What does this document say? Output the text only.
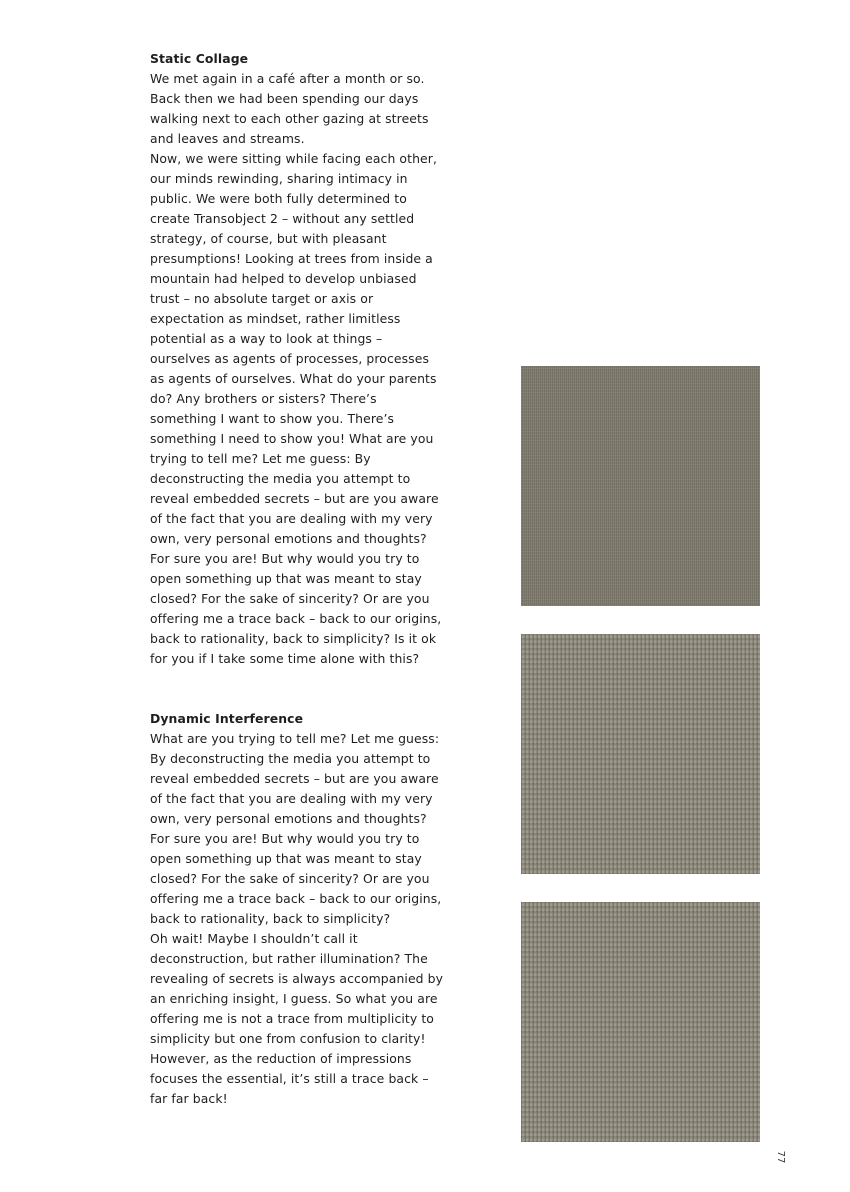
Static Collage

We met again in a café after a month or so. Back then we had been spending our days walking next to each other gazing at streets and leaves and streams.

Now, we were sitting while facing each other, our minds rewinding, sharing intimacy in public. We were both fully determined to create Transobject 2 – without any settled strategy, of course, but with pleasant presumptions! Looking at trees from inside a mountain had helped to develop unbiased trust – no absolute target or axis or expectation as mindset, rather limitless potential as a way to look at things – ourselves as agents of processes, processes as agents of ourselves. What do your parents do? Any brothers or sisters? There’s something I want to show you. There’s something I need to show you! What are you trying to tell me? Let me guess: By deconstructing the media you attempt to reveal embedded secrets – but are you aware of the fact that you are dealing with my very own, very personal emotions and thoughts? For sure you are! But why would you try to open something up that was meant to stay closed? For the sake of sincerity? Or are you offering me a trace back – back to our origins, back to rationality, back to simplicity? Is it ok for you if I take some time alone with this?

Dynamic Interference

What are you trying to tell me? Let me guess: By deconstructing the media you attempt to reveal embedded secrets – but are you aware of the fact that you are dealing with my very own, very personal emotions and thoughts? For sure you are! But why would you try to open something up that was meant to stay closed? For the sake of sincerity? Or are you offering me a trace back – back to our origins, back to rationality, back to simplicity?

Oh wait! Maybe I shouldn’t call it deconstruction, but rather illumination? The revealing of secrets is always accompanied by an enriching insight, I guess. So what you are offering me is not a trace from multiplicity to simplicity but one from confusion to clarity! However, as the reduction of impressions focuses the essential, it’s still a trace back – far far back!

77
